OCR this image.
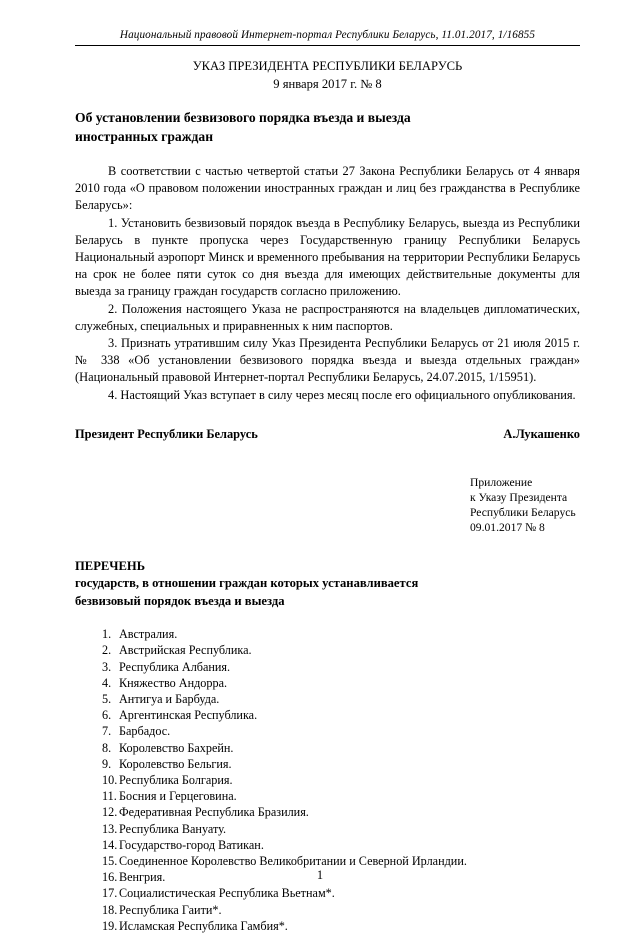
Национальный правовой Интернет-портал Республики Беларусь, 11.01.2017, 1/16855
УКАЗ ПРЕЗИДЕНТА РЕСПУБЛИКИ БЕЛАРУСЬ
9 января 2017 г. № 8
Об установлении безвизового порядка въезда и выезда
иностранных граждан

В соответствии с частью четвертой статьи 27 Закона Республики Беларусь от 4 января 2010 года «О правовом положении иностранных граждан и лиц без гражданства в Республике Беларусь»:

1. Установить безвизовый порядок въезда в Республику Беларусь, выезда из Республики Беларусь в пункте пропуска через Государственную границу Республики Беларусь Национальный аэропорт Минск и временного пребывания на территории Республики Беларусь на срок не более пяти суток со дня въезда для имеющих действительные документы для выезда за границу граждан государств согласно приложению.

2. Положения настоящего Указа не распространяются на владельцев дипломатических, служебных, специальных и приравненных к ним паспортов.

3. Признать утратившим силу Указ Президента Республики Беларусь от 21 июля 2015 г. № 338 «Об установлении безвизового порядка въезда и выезда отдельных граждан» (Национальный правовой Интернет-портал Республики Беларусь, 24.07.2015, 1/15951).

4. Настоящий Указ вступает в силу через месяц после его официального опубликования.

Президент Республики Беларусь	А.Лукашенко
Приложение
к Указу Президента
Республики Беларусь
09.01.2017 № 8
ПЕРЕЧЕНЬ
государств, в отношении граждан которых устанавливается
безвизовый порядок въезда и выезда
1. Австралия.
2. Австрийская Республика.
3. Республика Албания.
4. Княжество Андорра.
5. Антигуа и Барбуда.
6. Аргентинская Республика.
7. Барбадос.
8. Королевство Бахрейн.
9. Королевство Бельгия.
10. Республика Болгария.
11. Босния и Герцеговина.
12. Федеративная Республика Бразилия.
13. Республика Вануату.
14. Государство-город Ватикан.
15. Соединенное Королевство Великобритании и Северной Ирландии.
16. Венгрия.
17. Социалистическая Республика Вьетнам*.
18. Республика Гаити*.
19. Исламская Республика Гамбия*.
1
